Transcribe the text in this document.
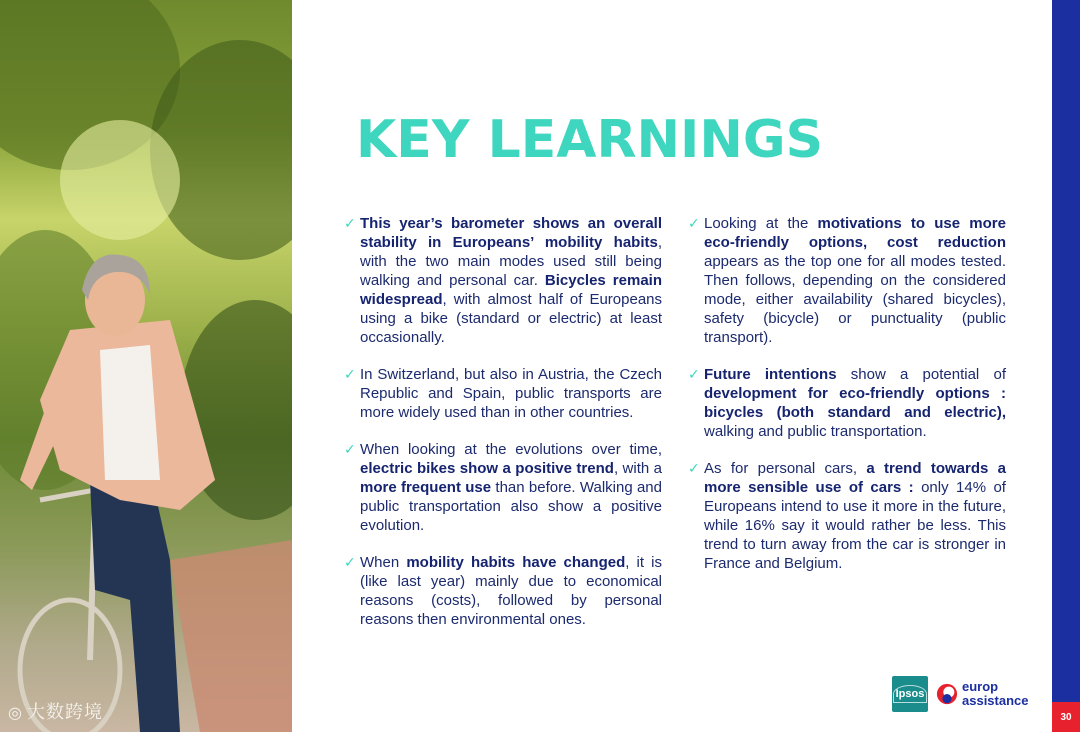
◎ 大数跨境
KEY LEARNINGS
✓ This year’s barometer shows an overall stability in Europeans’ mobility habits, with the two main modes used still being walking and personal car. Bicycles remain widespread, with almost half of Europeans using a bike (standard or electric) at least occasionally.
✓ In Switzerland, but also in Austria, the Czech Republic and Spain, public transports are more widely used than in other countries.
✓ When looking at the evolutions over time, electric bikes show a positive trend, with a more frequent use than before. Walking and public transportation also show a positive evolution.
✓ When mobility habits have changed, it is (like last year) mainly due to economical reasons (costs), followed by personal reasons then environmental ones.
✓ Looking at the motivations to use more eco-friendly options, cost reduction appears as the top one for all modes tested. Then follows, depending on the considered mode, either availability (shared bicycles), safety (bicycle) or punctuality (public transport).
✓ Future intentions show a potential of development for eco-friendly options : bicycles (both standard and electric), walking and public transportation.
✓ As for personal cars, a trend towards a more sensible use of cars : only 14% of Europeans intend to use it more in the future, while 16% say it would rather be less. This trend to turn away from the car is stronger in France and Belgium.
Ipsos	europ
assistance
30
